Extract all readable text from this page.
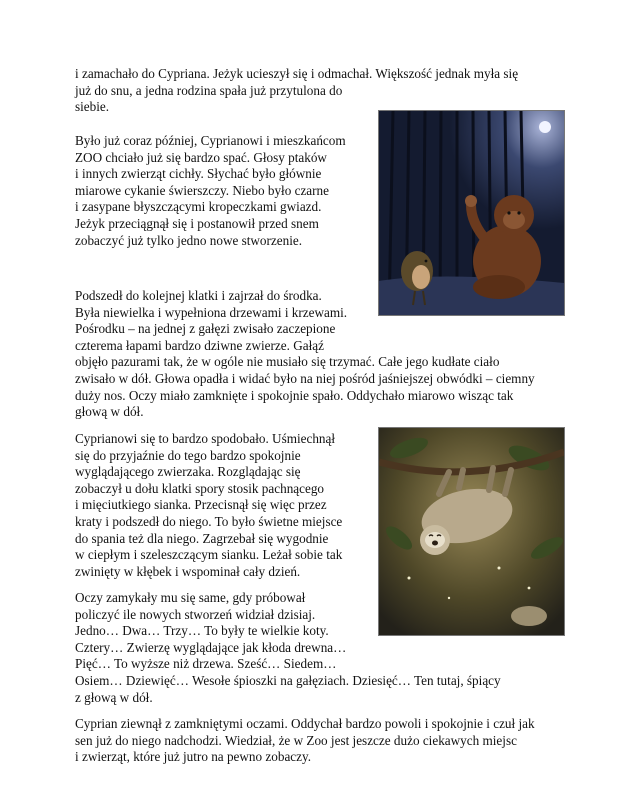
i zamachało do Cypriana. Jeżyk ucieszył się i odmachał. Większość jednak myła się
już do snu, a jedna rodzina spała już przytulona do
siebie.
Było już coraz później, Cyprianowi i mieszkańcom
ZOO chciało już się bardzo spać. Głosy ptaków
i innych zwierząt cichły. Słychać było głównie
miarowe cykanie świerszczy. Niebo było czarne
i zasypane błyszczącymi kropeczkami gwiazd.
Jeżyk przeciągnął się i postanowił przed snem
zobaczyć już tylko jedno nowe stworzenie.
Podszedł do kolejnej klatki i zajrzał do środka.
Była niewielka i wypełniona drzewami i krzewami.
Pośrodku – na jednej z gałęzi zwisało zaczepione
czterema łapami bardzo dziwne zwierze. Gałąź
objęło pazurami tak, że w ogóle nie musiało się trzymać. Całe jego kudłate ciało
zwisało w dół. Głowa opadła i widać było na niej pośród jaśniejszej obwódki – ciemny
duży nos. Oczy miało zamknięte i spokojnie spało. Oddychało miarowo wisząc tak
głową w dół.
Cyprianowi się to bardzo spodobało. Uśmiechnął
się do przyjaźnie do tego bardzo spokojnie
wyglądającego zwierzaka. Rozglądając się
zobaczył u dołu klatki spory stosik pachnącego
i mięciutkiego sianka. Przecisnął się więc przez
kraty i podszedł do niego. To było świetne miejsce
do spania też dla niego. Zagrzebał się wygodnie
w ciepłym i szeleszczącym sianku. Leżał sobie tak
zwinięty w kłębek i wspominał cały dzień.
Oczy zamykały mu się same, gdy próbował
policzyć ile nowych stworzeń widział dzisiaj.
Jedno… Dwa… Trzy… To były te wielkie koty.
Cztery… Zwierzę wyglądające jak kłoda drewna…
Pięć… To wyższe niż drzewa. Sześć… Siedem…
Osiem… Dziewięć… Wesołe śpioszki na gałęziach. Dziesięć… Ten tutaj, śpiący
z głową w dół.
Cyprian ziewnął z zamkniętymi oczami. Oddychał bardzo powoli i spokojnie i czuł jak
sen już do niego nadchodzi. Wiedział, że w Zoo jest jeszcze dużo ciekawych miejsc
i zwierząt, które już jutro na pewno zobaczy.
